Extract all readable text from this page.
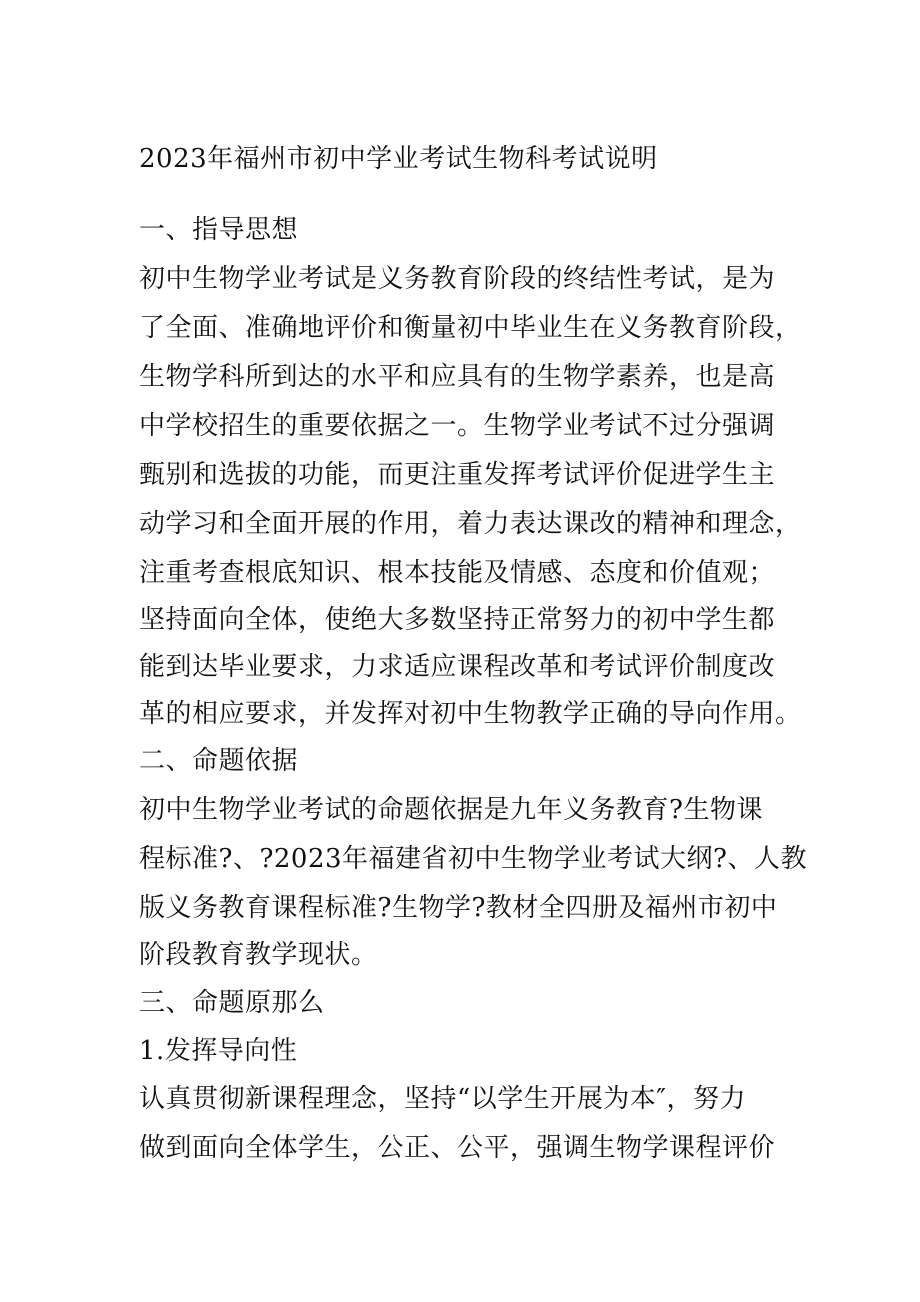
2023年福州市初中学业考试生物科考试说明
一、指导思想
初中生物学业考试是义务教育阶段的终结性考试，是为
了全面、准确地评价和衡量初中毕业生在义务教育阶段，
生物学科所到达的水平和应具有的生物学素养，也是高
中学校招生的重要依据之一。生物学业考试不过分强调
甄别和选拔的功能，而更注重发挥考试评价促进学生主
动学习和全面开展的作用，着力表达课改的精神和理念，
注重考查根底知识、根本技能及情感、态度和价值观；
坚持面向全体，使绝大多数坚持正常努力的初中学生都
能到达毕业要求，力求适应课程改革和考试评价制度改
革的相应要求，并发挥对初中生物教学正确的导向作用。
二、命题依据
初中生物学业考试的命题依据是九年义务教育?生物课
程标准?、?2023年福建省初中生物学业考试大纲?、人教
版义务教育课程标准?生物学?教材全四册及福州市初中
阶段教育教学现状。
三、命题原那么
1.发挥导向性
认真贯彻新课程理念，坚持“以学生开展为本″，努力
做到面向全体学生，公正、公平，强调生物学课程评价
